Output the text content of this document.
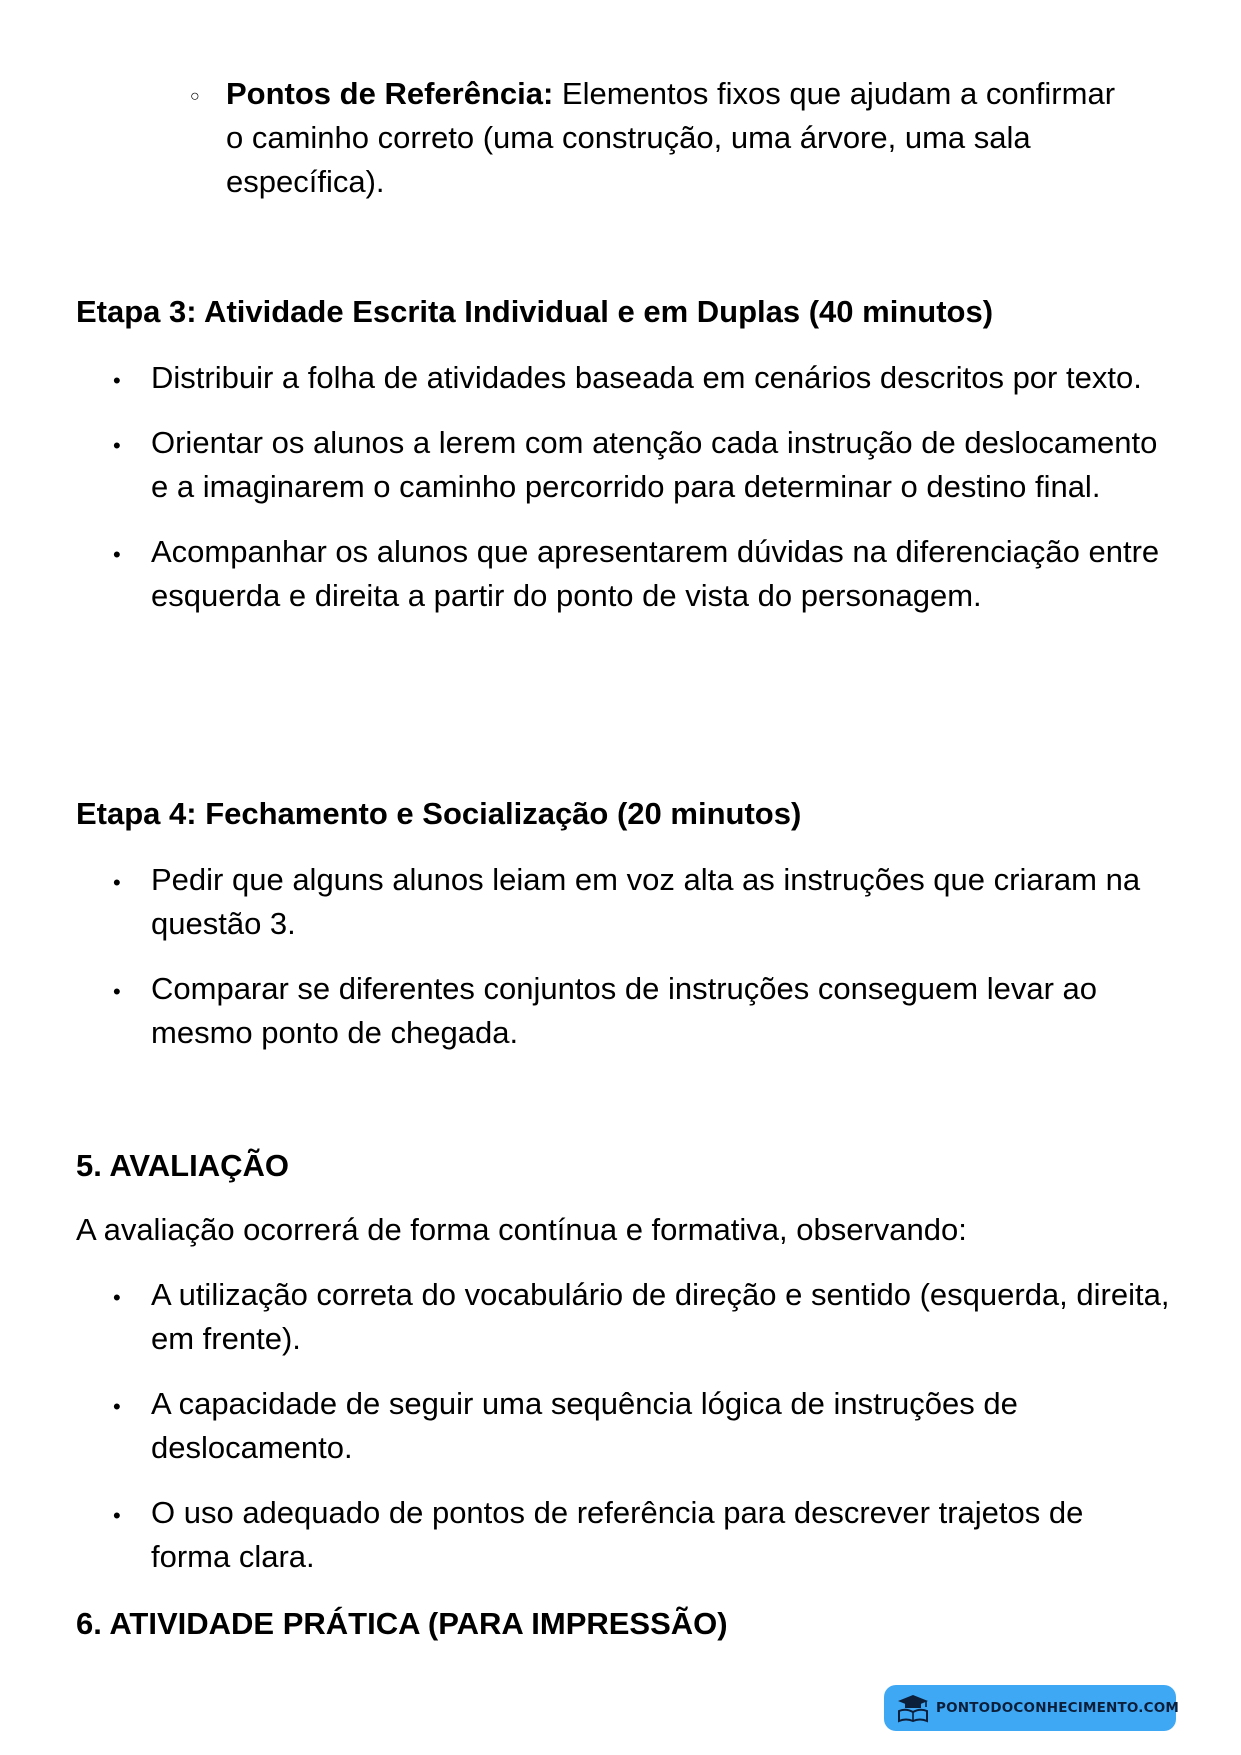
○ Pontos de Referência: Elementos fixos que ajudam a confirmar o caminho correto (uma construção, uma árvore, uma sala específica).
Etapa 3: Atividade Escrita Individual e em Duplas (40 minutos)
• Distribuir a folha de atividades baseada em cenários descritos por texto.
• Orientar os alunos a lerem com atenção cada instrução de deslocamento e a imaginarem o caminho percorrido para determinar o destino final.
• Acompanhar os alunos que apresentarem dúvidas na diferenciação entre esquerda e direita a partir do ponto de vista do personagem.
Etapa 4: Fechamento e Socialização (20 minutos)
• Pedir que alguns alunos leiam em voz alta as instruções que criaram na questão 3.
• Comparar se diferentes conjuntos de instruções conseguem levar ao mesmo ponto de chegada.
5. AVALIAÇÃO
A avaliação ocorrerá de forma contínua e formativa, observando:
• A utilização correta do vocabulário de direção e sentido (esquerda, direita, em frente).
• A capacidade de seguir uma sequência lógica de instruções de deslocamento.
• O uso adequado de pontos de referência para descrever trajetos de forma clara.
6. ATIVIDADE PRÁTICA (PARA IMPRESSÃO)
PONTODOCONHECIMENTO.COM
